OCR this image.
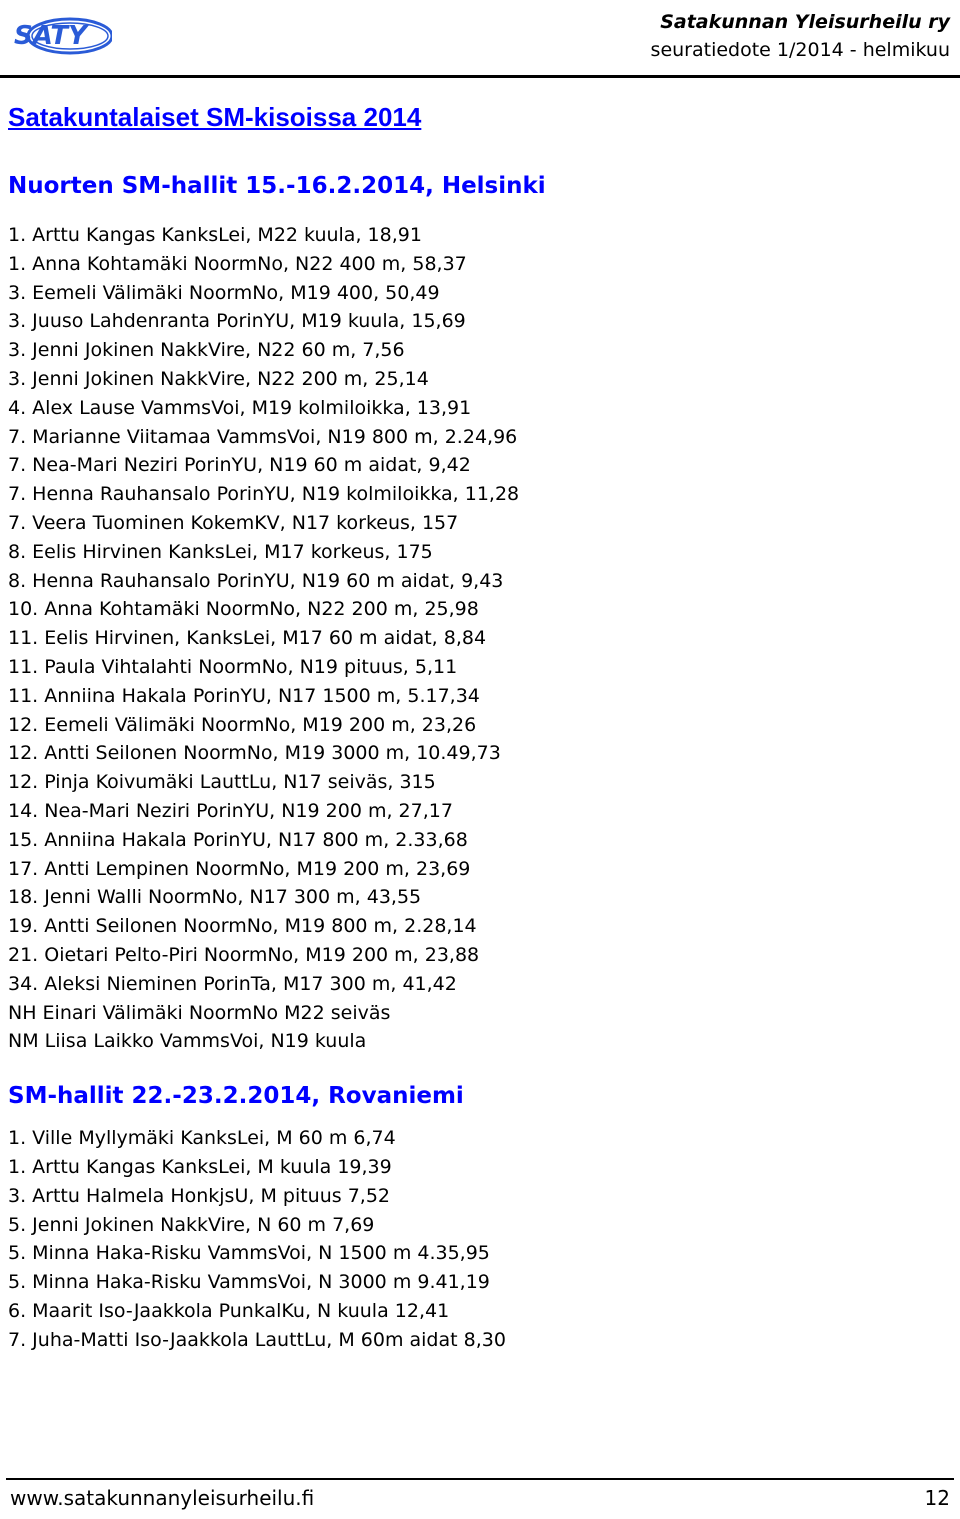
SATY	Satakunnan Yleisurheilu ry
seuratiedote 1/2014 - helmikuu
Satakuntalaiset SM-kisoissa 2014
Nuorten SM-hallit 15.-16.2.2014, Helsinki
1. Arttu Kangas KanksLei, M22 kuula, 18,91
1. Anna Kohtamäki NoormNo, N22 400 m, 58,37
3. Eemeli Välimäki NoormNo, M19 400, 50,49
3. Juuso Lahdenranta PorinYU, M19 kuula, 15,69
3. Jenni Jokinen NakkVire, N22 60 m, 7,56
3. Jenni Jokinen NakkVire, N22 200 m, 25,14
4. Alex Lause VammsVoi, M19 kolmiloikka, 13,91
7. Marianne Viitamaa VammsVoi, N19 800 m, 2.24,96
7. Nea-Mari Neziri PorinYU, N19 60 m aidat, 9,42
7. Henna Rauhansalo PorinYU, N19 kolmiloikka, 11,28
7. Veera Tuominen KokemKV, N17 korkeus, 157
8. Eelis Hirvinen KanksLei, M17 korkeus, 175
8. Henna Rauhansalo PorinYU, N19 60 m aidat, 9,43
10. Anna Kohtamäki NoormNo, N22 200 m, 25,98
11. Eelis Hirvinen, KanksLei, M17 60 m aidat, 8,84
11. Paula Vihtalahti NoormNo, N19 pituus, 5,11
11. Anniina Hakala PorinYU, N17 1500 m, 5.17,34
12. Eemeli Välimäki NoormNo, M19 200 m, 23,26
12. Antti Seilonen NoormNo, M19 3000 m, 10.49,73
12. Pinja Koivumäki LauttLu, N17 seiväs, 315
14. Nea-Mari Neziri PorinYU, N19 200 m, 27,17
15. Anniina Hakala PorinYU, N17 800 m, 2.33,68
17. Antti Lempinen NoormNo, M19 200 m, 23,69
18. Jenni Walli NoormNo, N17 300 m, 43,55
19. Antti Seilonen NoormNo, M19 800 m, 2.28,14
21. Oietari Pelto-Piri NoormNo, M19 200 m, 23,88
34. Aleksi Nieminen PorinTa, M17 300 m, 41,42
NH Einari Välimäki NoormNo M22 seiväs
NM Liisa Laikko VammsVoi, N19 kuula
SM-hallit 22.-23.2.2014, Rovaniemi
1. Ville Myllymäki KanksLei, M 60 m 6,74
1. Arttu Kangas KanksLei, M kuula 19,39
3. Arttu Halmela HonkjsU, M pituus 7,52
5. Jenni Jokinen NakkVire, N 60 m 7,69
5. Minna Haka-Risku VammsVoi, N 1500 m 4.35,95
5. Minna Haka-Risku VammsVoi, N 3000 m 9.41,19
6. Maarit Iso-Jaakkola PunkalKu, N kuula 12,41
7. Juha-Matti Iso-Jaakkola LauttLu, M 60m aidat 8,30
www.satakunnanyleisurheilu.fi	12
